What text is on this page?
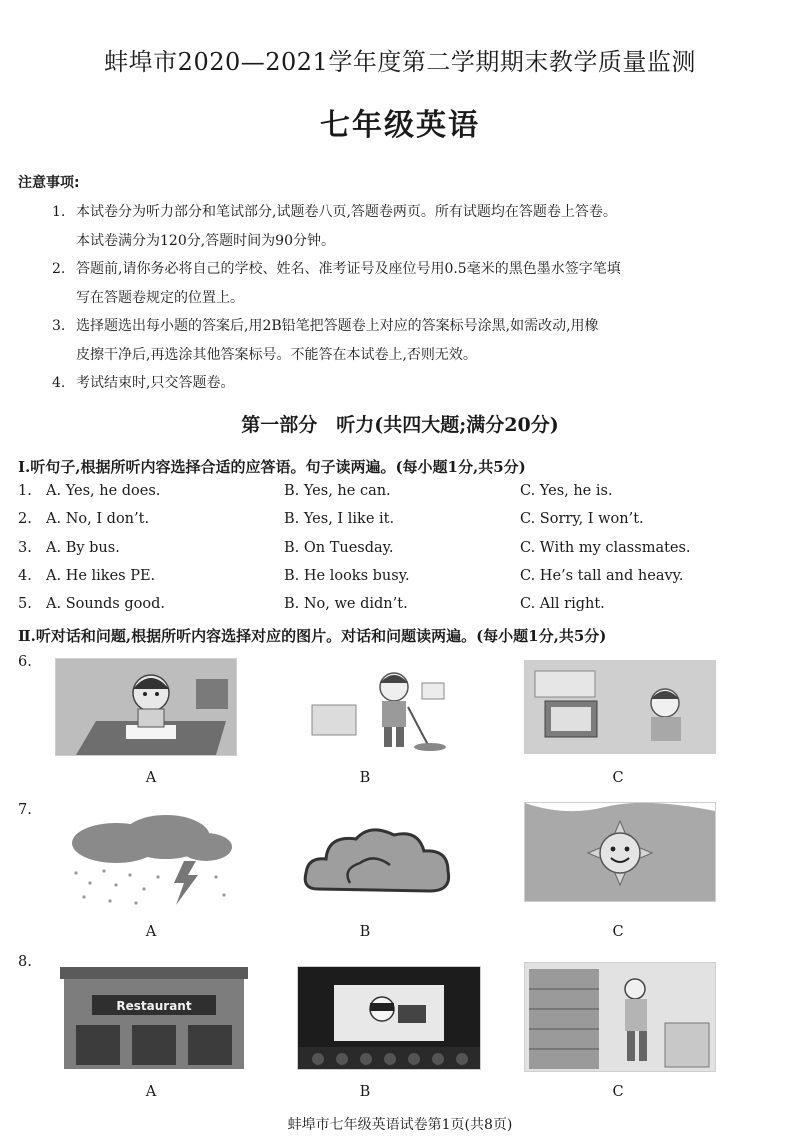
蚌埠市2020—2021学年度第二学期期末教学质量监测
七年级英语
注意事项:
1. 本试卷分为听力部分和笔试部分,试题卷八页,答题卷两页。所有试题均在答题卷上答卷。
本试卷满分为120分,答题时间为90分钟。
2. 答题前,请你务必将自己的学校、姓名、准考证号及座位号用0.5毫米的黑色墨水签字笔填
写在答题卷规定的位置上。
3. 选择题选出每小题的答案后,用2B铅笔把答题卷上对应的答案标号涂黑,如需改动,用橡
皮擦干净后,再选涂其他答案标号。不能答在本试卷上,否则无效。
4. 考试结束时,只交答题卷。
第一部分　听力(共四大题;满分20分)
Ⅰ.听句子,根据所听内容选择合适的应答语。句子读两遍。(每小题1分,共5分)
1. A. Yes, he does.	B. Yes, he can.	C. Yes, he is.
2. A. No, I don’t.	B. Yes, I like it.	C. Sorry, I won’t.
3. A. By bus.	B. On Tuesday.	C. With my classmates.
4. A. He likes PE.	B. He looks busy.	C. He’s tall and heavy.
5. A. Sounds good.	B. No, we didn’t.	C. All right.
Ⅱ.听对话和问题,根据所听内容选择对应的图片。对话和问题读两遍。(每小题1分,共5分)
6.
A	B	C
7.
A	B	C
8.
Restaurant
A	B	C
蚌埠市七年级英语试卷第1页(共8页)
